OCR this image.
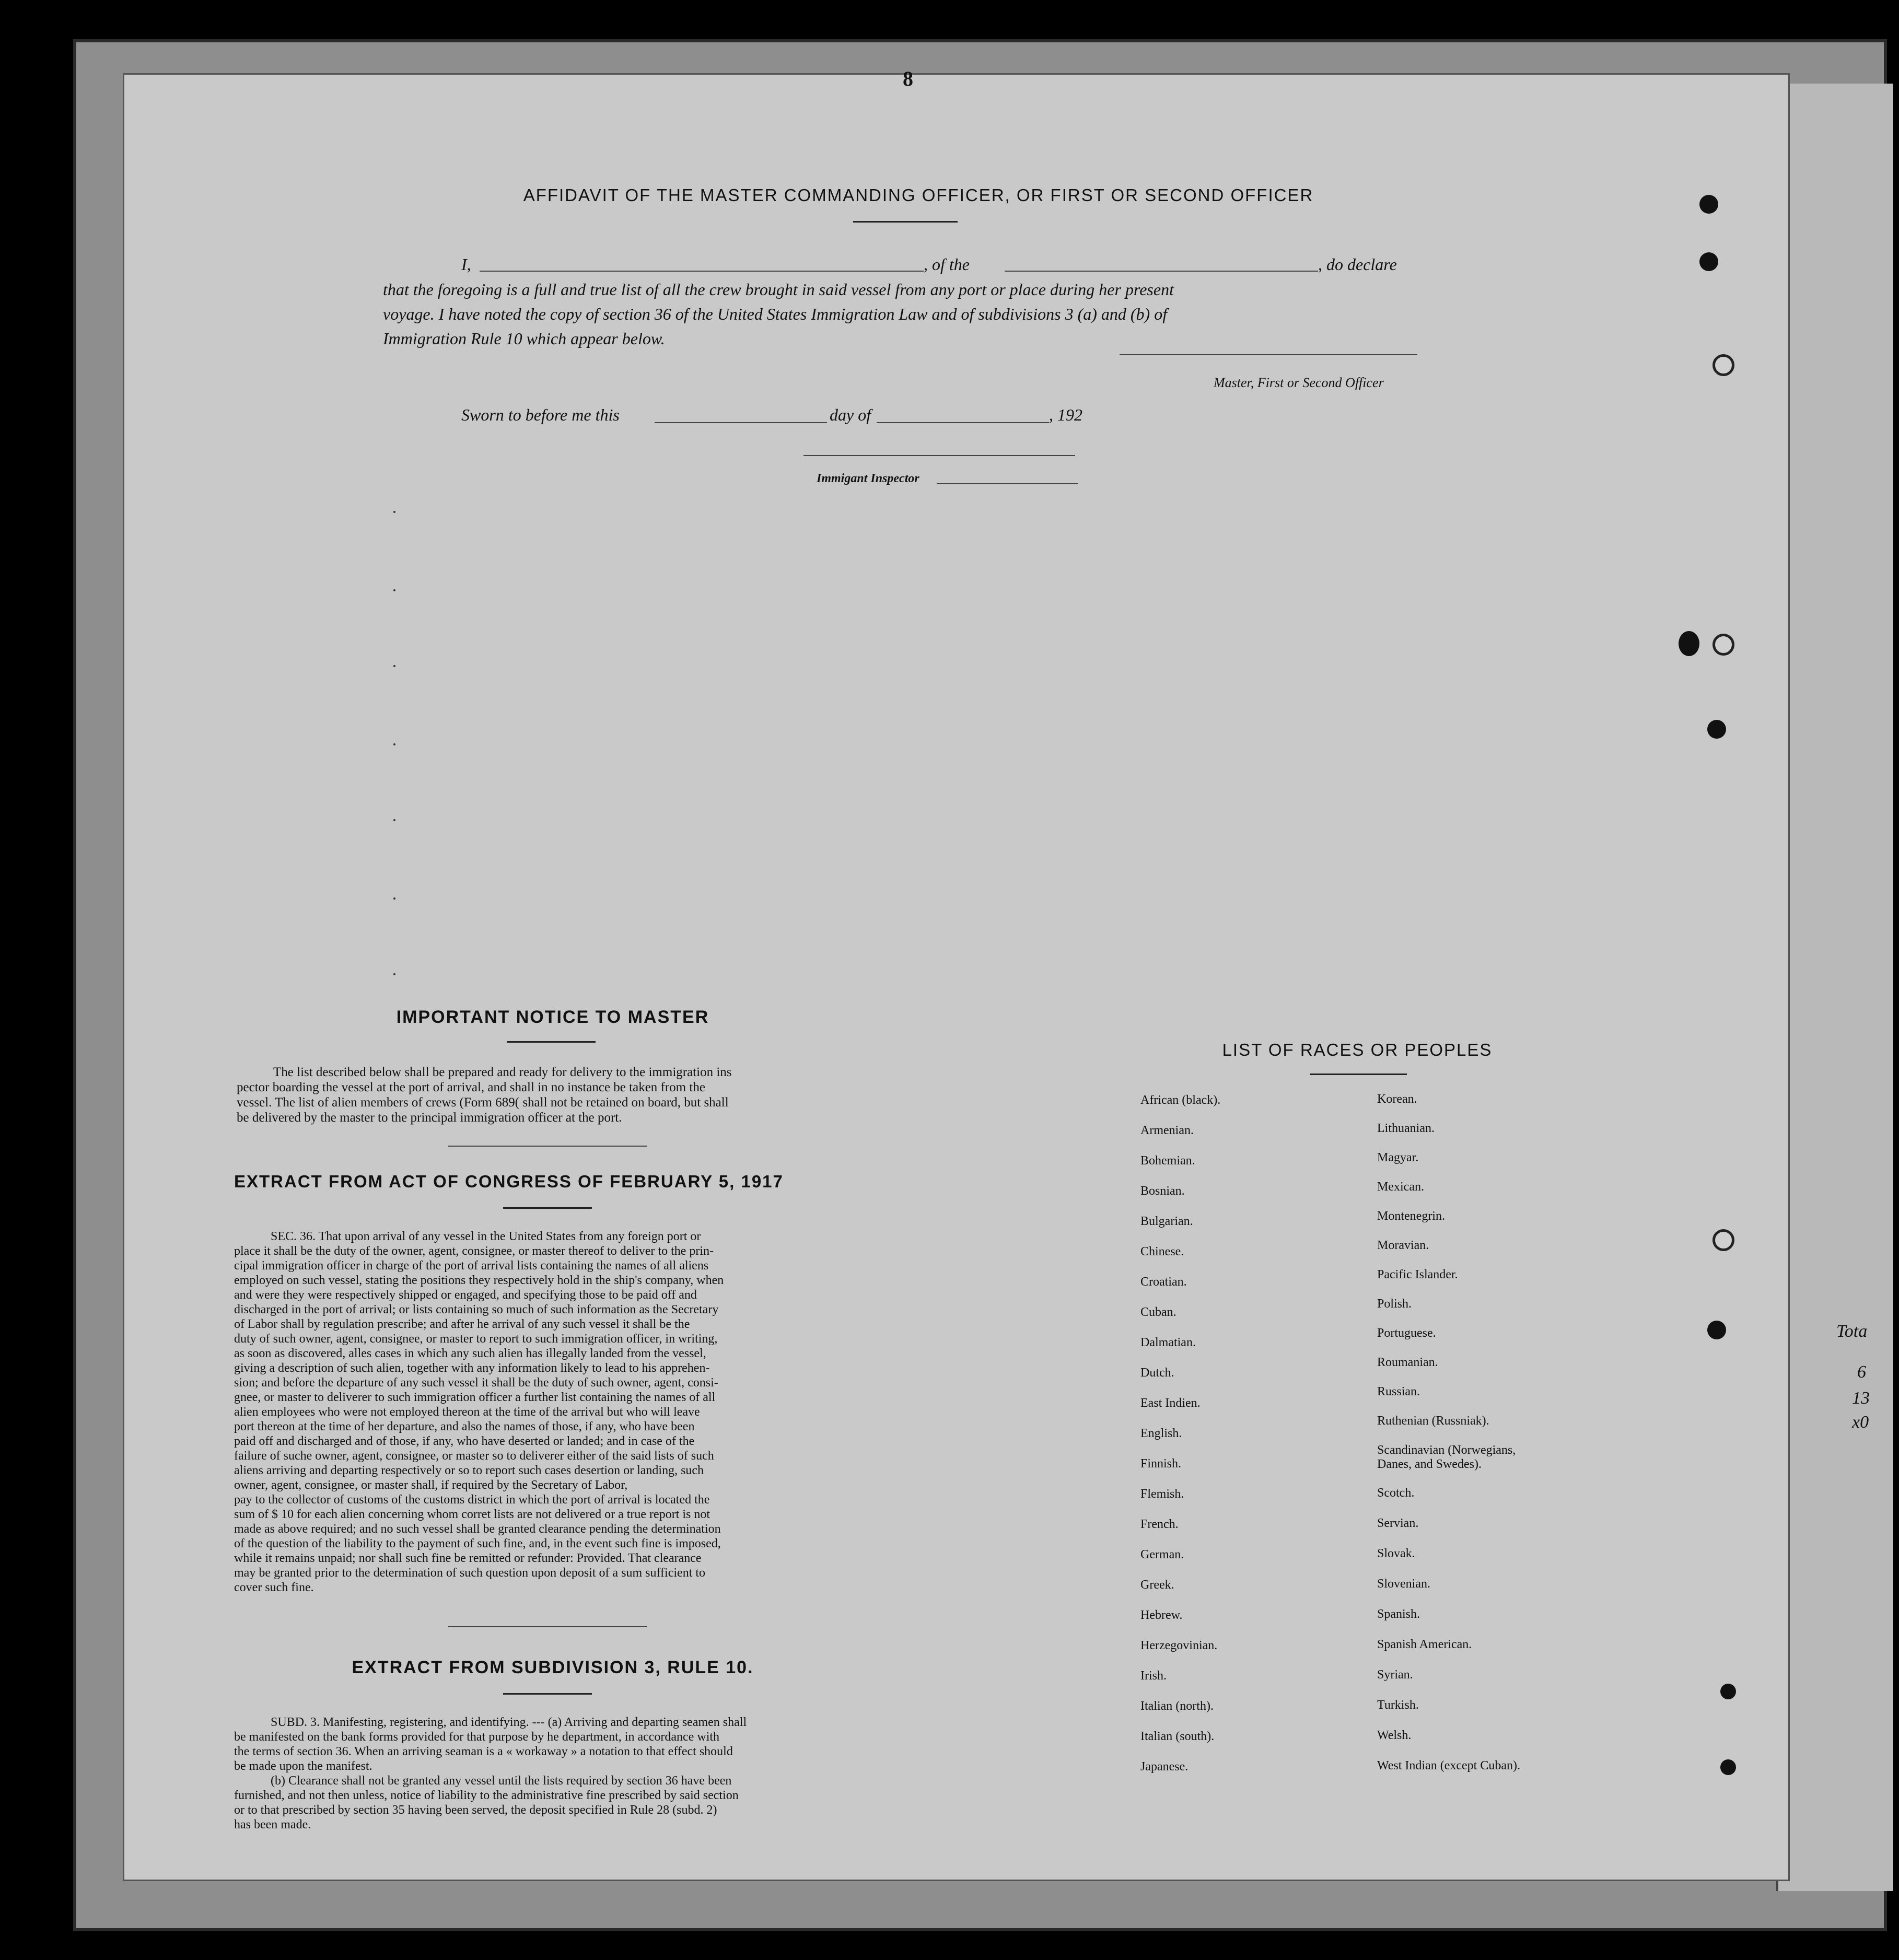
Tota
6
13
x0
8
AFFIDAVIT OF THE MASTER COMMANDING OFFICER, OR FIRST OR SECOND OFFICER
I,	, of the	, do declare
that the foregoing is a full and true list of all the crew brought in said vessel from any port or place during her present
voyage. I have noted the copy of section 36 of the United States Immigration Law and of subdivisions 3 (a) and (b) of
Immigration Rule 10 which appear below.
Master, First or Second Officer
Sworn to before me this	day of	, 192
Immigant Inspector
IMPORTANT NOTICE TO MASTER
The list described below shall be prepared and ready for delivery to the immigration ins
pector boarding the vessel at the port of arrival, and shall in no instance be taken from the
vessel. The list of alien members of crews (Form 689( shall not be retained on board, but shall
be delivered by the master to the principal immigration officer at the port.
EXTRACT FROM ACT OF CONGRESS OF FEBRUARY 5, 1917
SEC. 36. That upon arrival of any vessel in the United States from any foreign port or
place it shall be the duty of the owner, agent, consignee, or master thereof to deliver to the prin-
cipal immigration officer in charge of the port of arrival lists containing the names of all aliens
employed on such vessel, stating the positions they respectively hold in the ship's company, when
and were they were respectively shipped or engaged, and specifying those to be paid off and
discharged in the port of arrival; or lists containing so much of such information as the Secretary
of Labor shall by regulation prescribe; and after he arrival of any such vessel it shall be the
duty of such owner, agent, consignee, or master to report to such immigration officer, in writing,
as soon as discovered, alles cases in which any such alien has illegally landed from the vessel,
giving a description of such alien, together with any information likely to lead to his apprehen-
sion; and before the departure of any such vessel it shall be the duty of such owner, agent, consi-
gnee, or master to deliverer to such immigration officer a further list containing the names of all
alien employees who were not employed thereon at the time of the arrival but who will leave
port thereon at the time of her departure, and also the names of those, if any, who have been
paid off and discharged and of those, if any, who have deserted or landed; and in case of the
failure of suche owner, agent, consignee, or master so to deliverer either of the said lists of such
aliens arriving and departing respectively or so to report such cases desertion or landing, such
owner, agent, consignee, or master shall, if required by the Secretary of Labor,
pay to the collector of customs of the customs district in which the port of arrival is located the
sum of $ 10 for each alien concerning whom corret lists are not delivered or a true report is not
made as above required; and no such vessel shall be granted clearance pending the determination
of the question of the liability to the payment of such fine, and, in the event such fine is imposed,
while it remains unpaid; nor shall such fine be remitted or refunder: Provided. That clearance
may be granted prior to the determination of such question upon deposit of a sum sufficient to
cover such fine.
EXTRACT FROM SUBDIVISION 3, RULE 10.
SUBD. 3. Manifesting, registering, and identifying. --- (a) Arriving and departing seamen shall
be manifested on the bank forms provided for that purpose by he department, in accordance with
the terms of section 36. When an arriving seaman is a « workaway » a notation to that effect should
be made upon the manifest.
(b) Clearance shall not be granted any vessel until the lists required by section 36 have been
furnished, and not then unless, notice of liability to the administrative fine prescribed by said section
or to that prescribed by section 35 having been served, the deposit specified in Rule 28 (subd. 2)
has been made.
LIST OF RACES OR PEOPLES
African (black).
Armenian.
Bohemian.
Bosnian.
Bulgarian.
Chinese.
Croatian.
Cuban.
Dalmatian.
Dutch.
East Indien.
English.
Finnish.
Flemish.
French.
German.
Greek.
Hebrew.
Herzegovinian.
Irish.
Italian (north).
Italian (south).
Japanese.
Korean.
Lithuanian.
Magyar.
Mexican.
Montenegrin.
Moravian.
Pacific Islander.
Polish.
Portuguese.
Roumanian.
Russian.
Ruthenian (Russniak).
Scandinavian (Norwegians,
Danes, and Swedes).
Scotch.
Servian.
Slovak.
Slovenian.
Spanish.
Spanish American.
Syrian.
Turkish.
Welsh.
West Indian (except Cuban).
